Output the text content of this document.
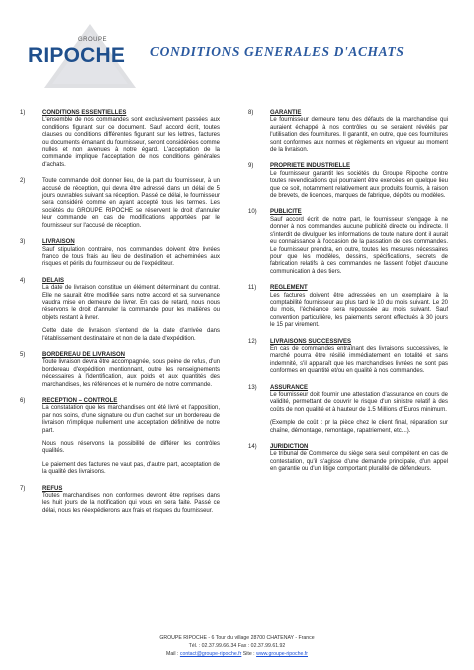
GROUPE
RIPOCHE CONDITIONS GENERALES D'ACHATS
1)	CONDITIONS ESSENTIELLES

L'ensemble de nos commandes sont exclusivement passées aux conditions figurant sur ce document. Sauf accord écrit, toutes clauses ou conditions différentes figurant sur les lettres, factures ou documents émanant du fournisseur, seront considérées comme nulles et non avenues à notre égard. L'acceptation de la commande implique l'acceptation de nos conditions générales d'achats.

2)	Toute commande doit donner lieu, de la part du fournisseur, à un accusé de réception, qui devra être adressé dans un délai de 5 jours ouvrables suivant sa réception. Passé ce délai, le fournisseur sera considéré comme en ayant accepté tous les termes. Les sociétés du GROUPE RIPOCHE se réservent le droit d'annuler leur commande en cas de modifications apportées par le fournisseur sur l'accusé de réception.

3)	LIVRAISON

Sauf stipulation contraire, nos commandes doivent être livrées franco de tous frais au lieu de destination et acheminées aux risques et périls du fournisseur ou de l'expéditeur.

4)	DELAIS

La date de livraison constitue un élément déterminant du contrat. Elle ne saurait être modifiée sans notre accord et sa survenance vaudra mise en demeure de livrer. En cas de retard, nous nous réservons le droit d'annuler la commande pour les matières ou objets restant à livrer.

Cette date de livraison s'entend de la date d'arrivée dans l'établissement destinataire et non de la date d'expédition.

5)	BORDEREAU DE LIVRAISON

Toute livraison devra être accompagnée, sous peine de refus, d'un bordereau d'expédition mentionnant, outre les renseignements nécessaires à l'identification, aux poids et aux quantités des marchandises, les références et le numéro de notre commande.

6)	RECEPTION – CONTROLE

La constatation que les marchandises ont été livré et l'apposition, par nos soins, d'une signature ou d'un cachet sur un bordereau de livraison n'implique nullement une acceptation définitive de notre part.

Nous nous réservons la possibilité de différer les contrôles qualités.

Le paiement des factures ne vaut pas, d'autre part, acceptation de la qualité des livraisons.

7)	REFUS

Toutes marchandises non conformes devront être reprises dans les huit jours de la notification qui vous en sera faite. Passé ce délai, nous les réexpédierons aux frais et risques du fournisseur.

8)	GARANTIE

Le fournisseur demeure tenu des défauts de la marchandise qui auraient échappé à nos contrôles ou se seraient révélés par l'utilisation des fournitures. Il garantit, en outre, que ces fournitures sont conformes aux normes et règlements en vigueur au moment de la livraison.

9)	PROPRIETE INDUSTRIELLE

Le fournisseur garantit les sociétés du Groupe Ripoche contre toutes revendications qui pourraient être exercées en quelque lieu que ce soit, notamment relativement aux produits fournis, à raison de brevets, de licences, marques de fabrique, dépôts ou modèles.

10) PUBLICITE

Sauf accord écrit de notre part, le fournisseur s'engage à ne donner à nos commandes aucune publicité directe ou indirecte. Il s'interdit de divulguer les informations de toute nature dont il aurait eu connaissance à l'occasion de la passation de ces commandes. Le fournisseur prendra, en outre, toutes les mesures nécessaires pour que les modèles, dessins, spécifications, secrets de fabrication relatifs à ces commandes ne fassent l'objet d'aucune communication à des tiers.

11) REGLEMENT

Les factures doivent être adressées en un exemplaire à la comptabilité fournisseur au plus tard le 10 du mois suivant. Le 20 du mois, l'échéance sera repoussée au mois suivant. Sauf convention particulière, les paiements seront effectués à 30 jours le 15 par virement.

12) LIVRAISONS SUCCESSIVES

En cas de commandes entraînant des livraisons successives, le marché pourra être résilié immédiatement en totalité et sans indemnité, s'il apparaît que les marchandises livrées ne sont pas conformes en quantité et/ou en qualité à nos commandes.

13) ASSURANCE

Le fournisseur doit fournir une attestation d'assurance en cours de validité, permettant de couvrir le risque d'un sinistre relatif à des coûts de non qualité et à hauteur de 1.5 Millions d'Euros minimum.

(Exemple de coût : pr la pièce chez le client final, réparation sur chaîne, démontage, remontage, rapatriement, etc...).

14) JURIDICTION

Le tribunal de Commerce du siège sera seul compétent en cas de contestation, qu'il s'agisse d'une demande principale, d'un appel en garantie ou d'un litige comportant pluralité de défendeurs.

GROUPE RIPOCHE - 6 Tour du village 28700 CHATENAY - France
Tél. : 02.37.99.66.34 Fax : 02.37.99.61.92
Mail : contact@groupe-ripoche.fr Site : www.groupe-ripoche.fr
